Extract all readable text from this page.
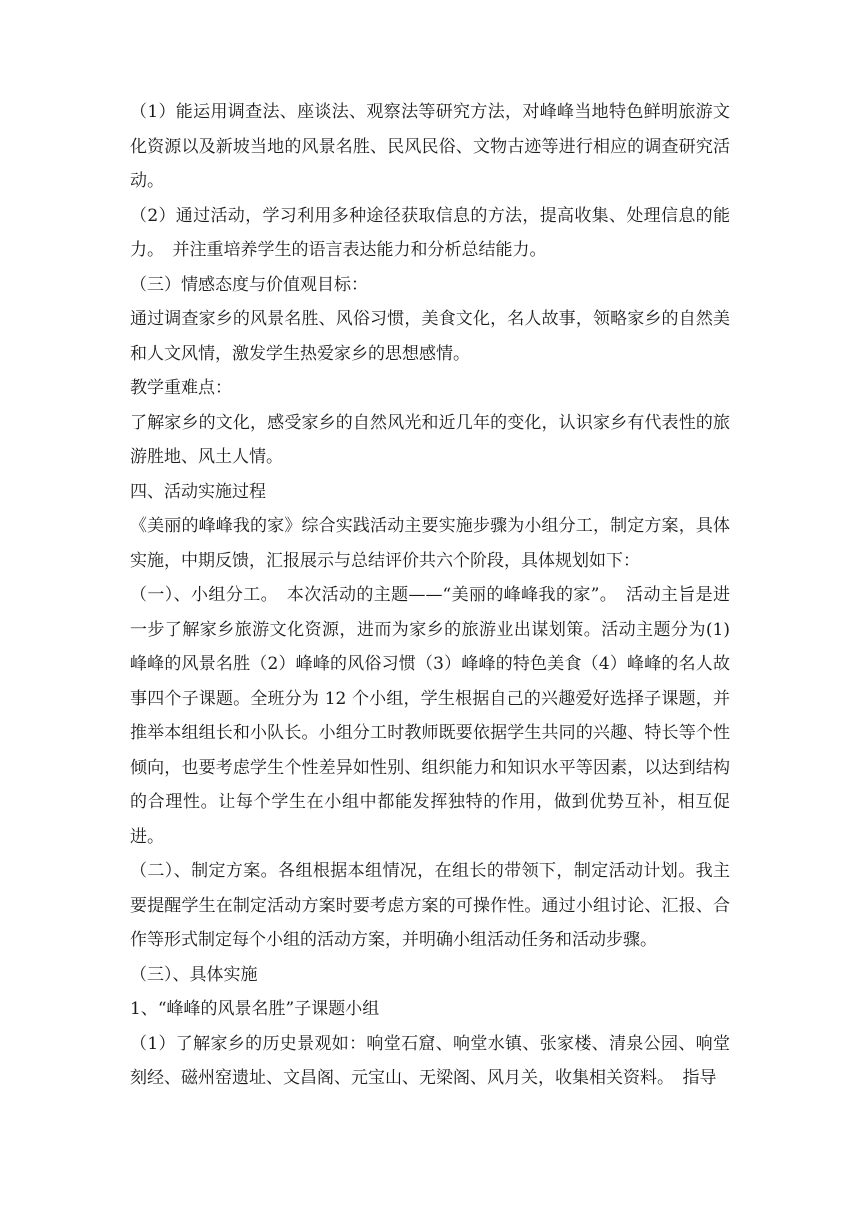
（1）能运用调查法、座谈法、观察法等研究方法，对峰峰当地特色鲜明旅游文化资源以及新坡当地的风景名胜、民风民俗、文物古迹等进行相应的调查研究活动。

（2）通过活动，学习利用多种途径获取信息的方法，提高收集、处理信息的能力。　并注重培养学生的语言表达能力和分析总结能力。

（三）情感态度与价值观目标：

通过调查家乡的风景名胜、风俗习惯，美食文化，名人故事，领略家乡的自然美和人文风情，激发学生热爱家乡的思想感情。

教学重难点：

了解家乡的文化，感受家乡的自然风光和近几年的变化，认识家乡有代表性的旅游胜地、风土人情。

四、活动实施过程

《美丽的峰峰我的家》综合实践活动主要实施步骤为小组分工，制定方案，具体实施，中期反馈，汇报展示与总结评价共六个阶段，具体规划如下：

（一）、小组分工。　本次活动的主题——“美丽的峰峰我的家”。　活动主旨是进一步了解家乡旅游文化资源，进而为家乡的旅游业出谋划策。活动主题分为(1)峰峰的风景名胜（2）峰峰的风俗习惯（3）峰峰的特色美食（4）峰峰的名人故事四个子课题。全班分为 12 个小组，学生根据自己的兴趣爱好选择子课题，并推举本组组长和小队长。小组分工时教师既要依据学生共同的兴趣、特长等个性倾向，也要考虑学生个性差异如性别、组织能力和知识水平等因素，以达到结构的合理性。让每个学生在小组中都能发挥独特的作用，做到优势互补，相互促进。

（二）、制定方案。各组根据本组情况，在组长的带领下，制定活动计划。我主要提醒学生在制定活动方案时要考虑方案的可操作性。通过小组讨论、汇报、合作等形式制定每个小组的活动方案，并明确小组活动任务和活动步骤。

（三）、具体实施

1、“峰峰的风景名胜”子课题小组

（1）了解家乡的历史景观如：响堂石窟、响堂水镇、张家楼、清泉公园、响堂刻经、磁州窑遗址、文昌阁、元宝山、无梁阁、风月关，收集相关资料。　指导
